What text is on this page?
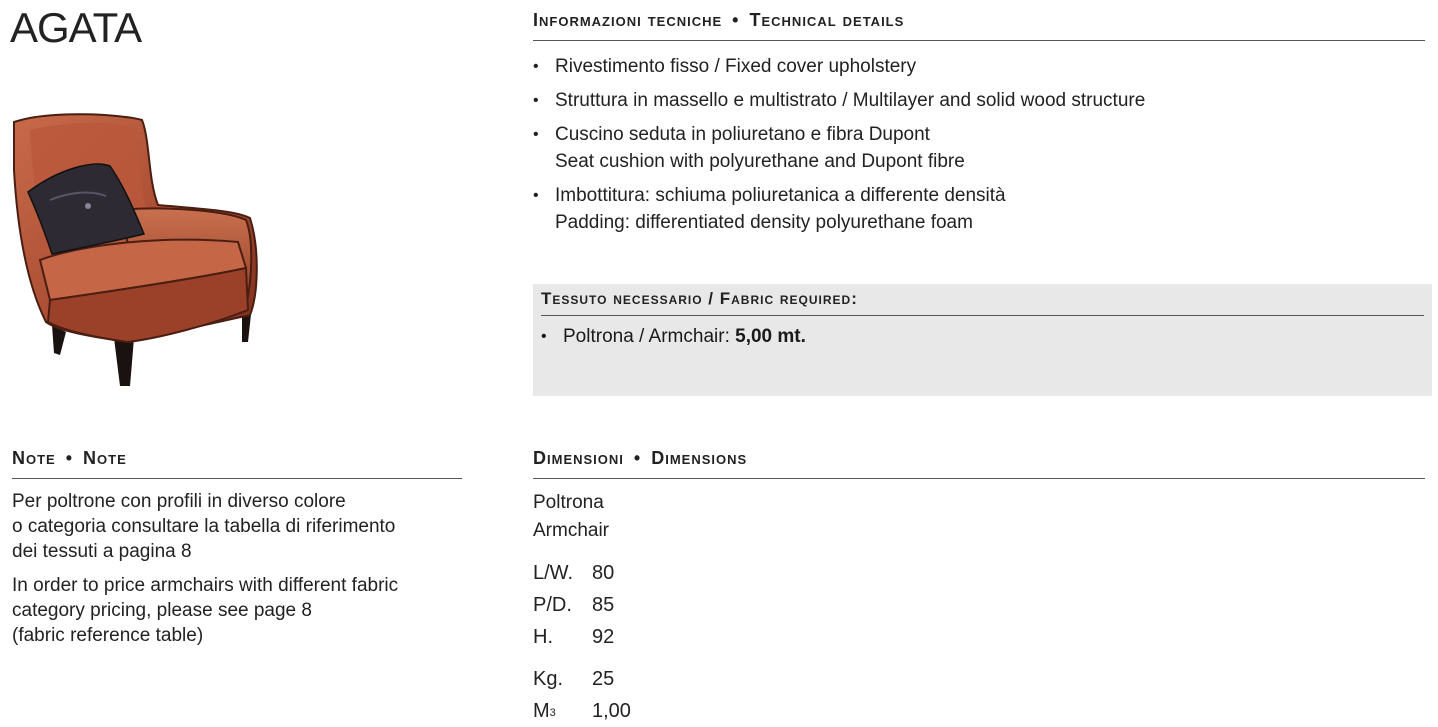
AGATA	Informazioni tecniche • Technical details
• Rivestimento fisso / Fixed cover upholstery
• Struttura in massello e multistrato / Multilayer and solid wood structure
• Cuscino seduta in poliuretano e fibra Dupont
Seat cushion with polyurethane and Dupont fibre
• Imbottitura: schiuma poliuretanica a differente densità
Padding: differentiated density polyurethane foam
Tessuto necessario / Fabric required:
• Poltrona / Armchair: 5,00 mt.
Note • Note

Per poltrone con profili in diverso colore
o categoria consultare la tabella di riferimento
dei tessuti a pagina 8

In order to price armchairs with different fabric
category pricing, please see page 8
(fabric reference table)

Dimensioni • Dimensions
Poltrona
Armchair
L/W. 80
P/D.	85
H.	92
Kg.	25
$M^3$	1,00
